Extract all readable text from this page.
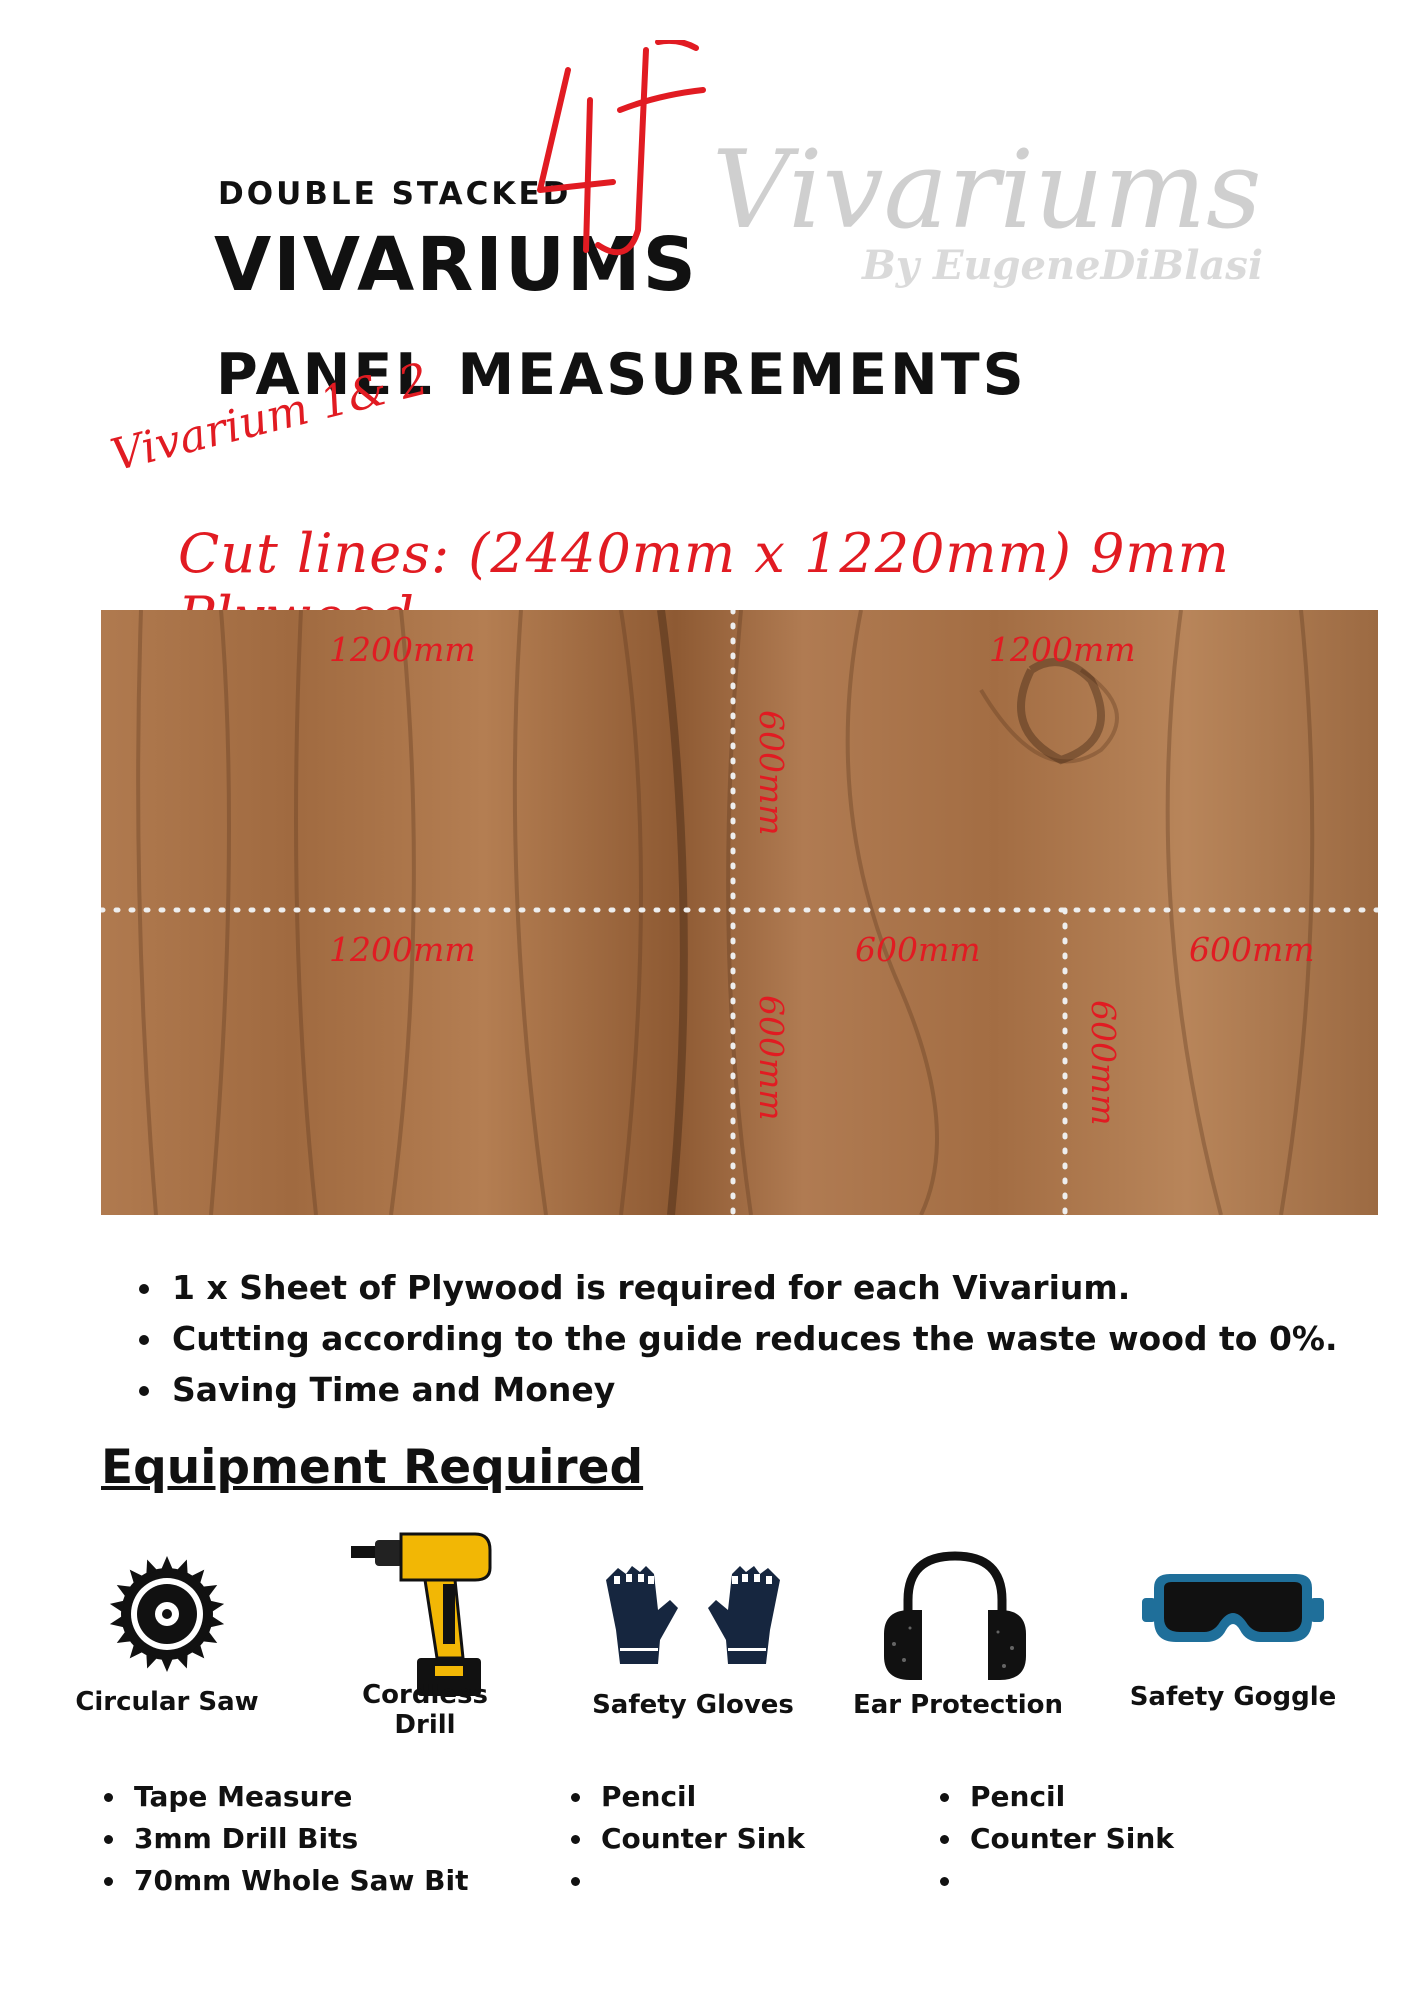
DOUBLE STACKED
VIVARIUMS
PANEL MEASUREMENTS
Vivariums
By EugeneDiBlasi
Vivarium 1& 2
Cut lines: (2440mm x 1220mm) 9mm
1200mm	1200mm
600mm
1200mm	600mm	600mm
600mm	600mm
• 1 x Sheet of Plywood is required for each Vivarium.
• Cutting according to the guide reduces the waste wood to 0%.
• Saving Time and Money
Equipment Required
Circular Saw	Cordless Drill
Safety Gloves	Ear Protection	Safety Goggle
• Tape Measure
• 3mm Drill Bits
• 70mm Whole Saw Bit
• Pencil
• Counter Sink
•
• Pencil
• Counter Sink
•
